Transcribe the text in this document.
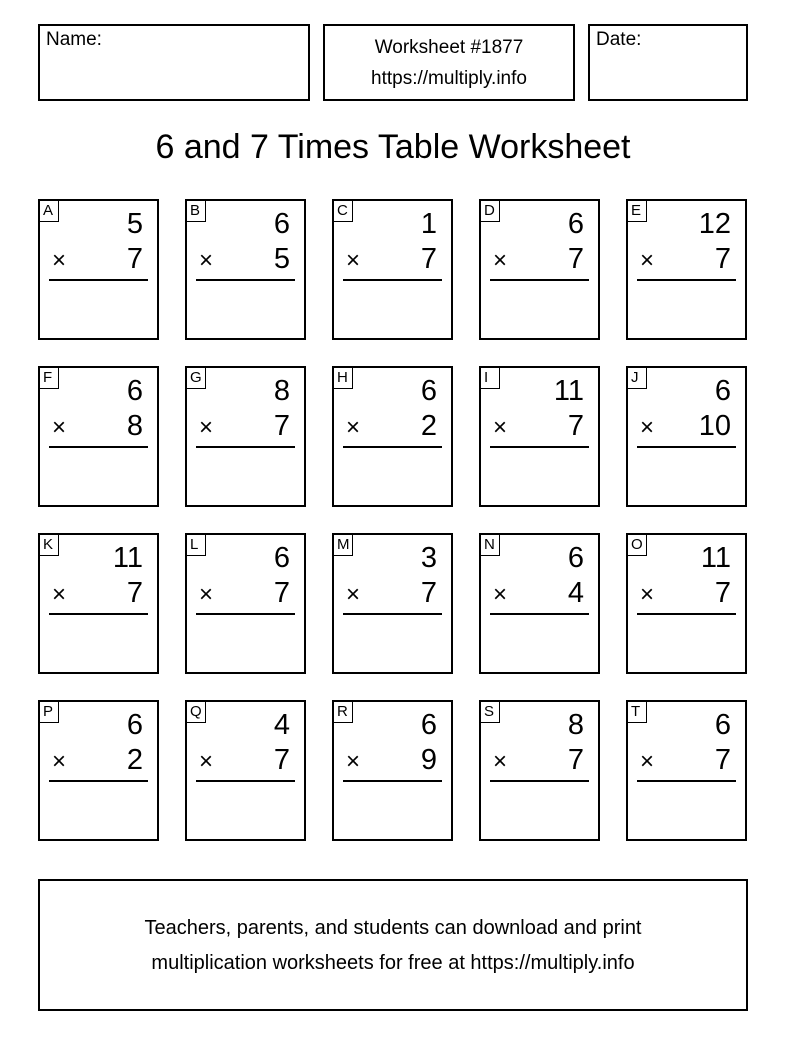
Name:	Worksheet #1877
https://multiply.info
Date:
6 and 7 Times Table Worksheet
A	5
× 7
B	6
× 5
C	1
× 7
D	6
× 7
E 12
× 7
F	6
× 8
G 8
× 7
H	6
× 2
I	11
× 7
J	6
× 10
K 11
× 7
L	6
× 7
M 3
× 7
N	6
× 4
O 11
× 7
P	6
× 2
Q 4
× 7
R	6
× 9
S	8
× 7
T	6
× 7
Teachers, parents, and students can download and print
multiplication worksheets for free at https://multiply.info
